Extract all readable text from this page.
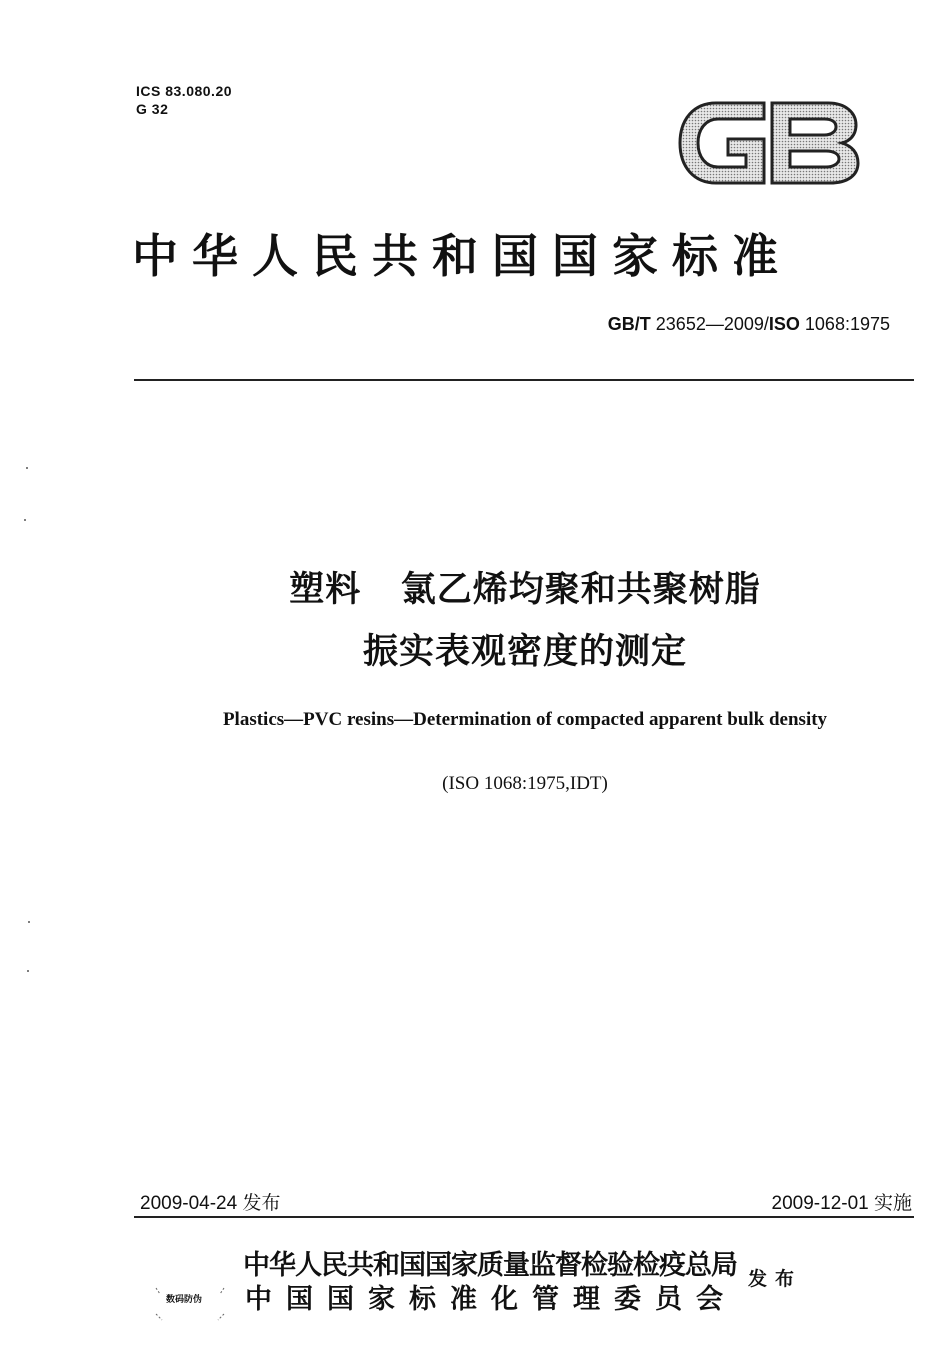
ICS 83.080.20
G 32
中华人民共和国国家标准
GB/T 23652—2009/ISO 1068:1975
塑料   氯乙烯均聚和共聚树脂
振实表观密度的测定
Plastics—PVC resins—Determination of compacted apparent bulk density
(ISO 1068:1975,IDT)
2009-04-24 发布	2009-12-01 实施
数码防伪
中华人民共和国国家质量监督检验检疫总局
中国国家标准化管理委员会
发布
